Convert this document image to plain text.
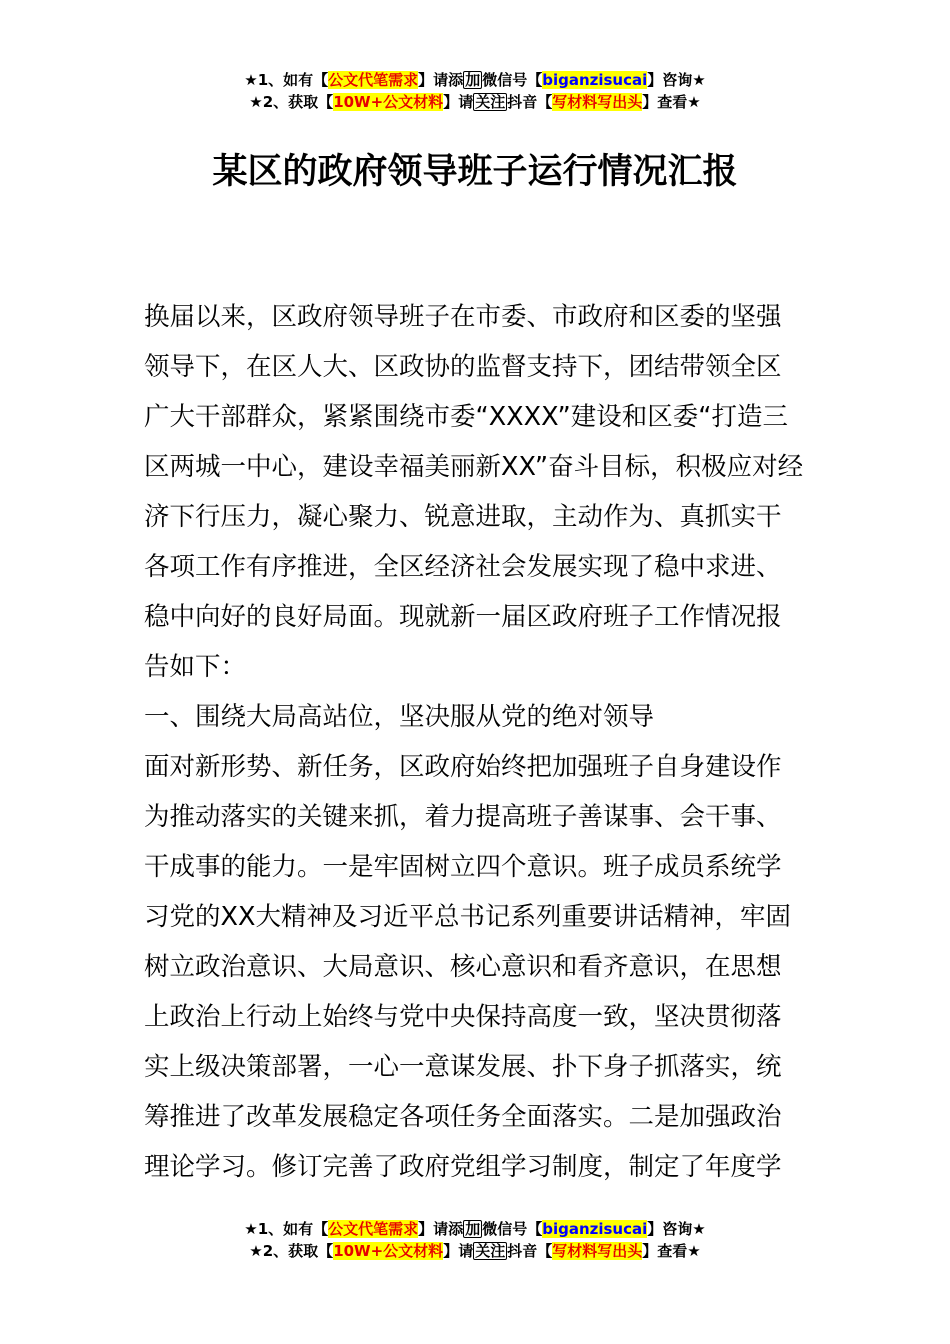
★1、如有【公文代笔需求】请添 加 微信号【biganzisucai】咨询★
★2、获取【10W+公文材料】请 关注 抖音【写材料写出头】查看★
某区的政府领导班子运行情况汇报
换届以来，区政府领导班子在市委、市政府和区委的坚强
领导下，在区人大、区政协的监督支持下，团结带领全区
广大干部群众，紧紧围绕市委“XXXX”建设和区委“打造三
区两城一中心，建设幸福美丽新XX”奋斗目标，积极应对经
济下行压力，凝心聚力、锐意进取，主动作为、真抓实干
各项工作有序推进，全区经济社会发展实现了稳中求进、
稳中向好的良好局面。现就新一届区政府班子工作情况报
告如下：
一、围绕大局高站位，坚决服从党的绝对领导
面对新形势、新任务，区政府始终把加强班子自身建设作
为推动落实的关键来抓，着力提高班子善谋事、会干事、
干成事的能力。一是牢固树立四个意识。班子成员系统学
习党的XX大精神及习近平总书记系列重要讲话精神，牢固
树立政治意识、大局意识、核心意识和看齐意识，在思想
上政治上行动上始终与党中央保持高度一致，坚决贯彻落
实上级决策部署，一心一意谋发展、扑下身子抓落实，统
筹推进了改革发展稳定各项任务全面落实。二是加强政治
理论学习。修订完善了政府党组学习制度，制定了年度学
★1、如有【公文代笔需求】请添 加 微信号【biganzisucai】咨询★
★2、获取【10W+公文材料】请 关注 抖音【写材料写出头】查看★
